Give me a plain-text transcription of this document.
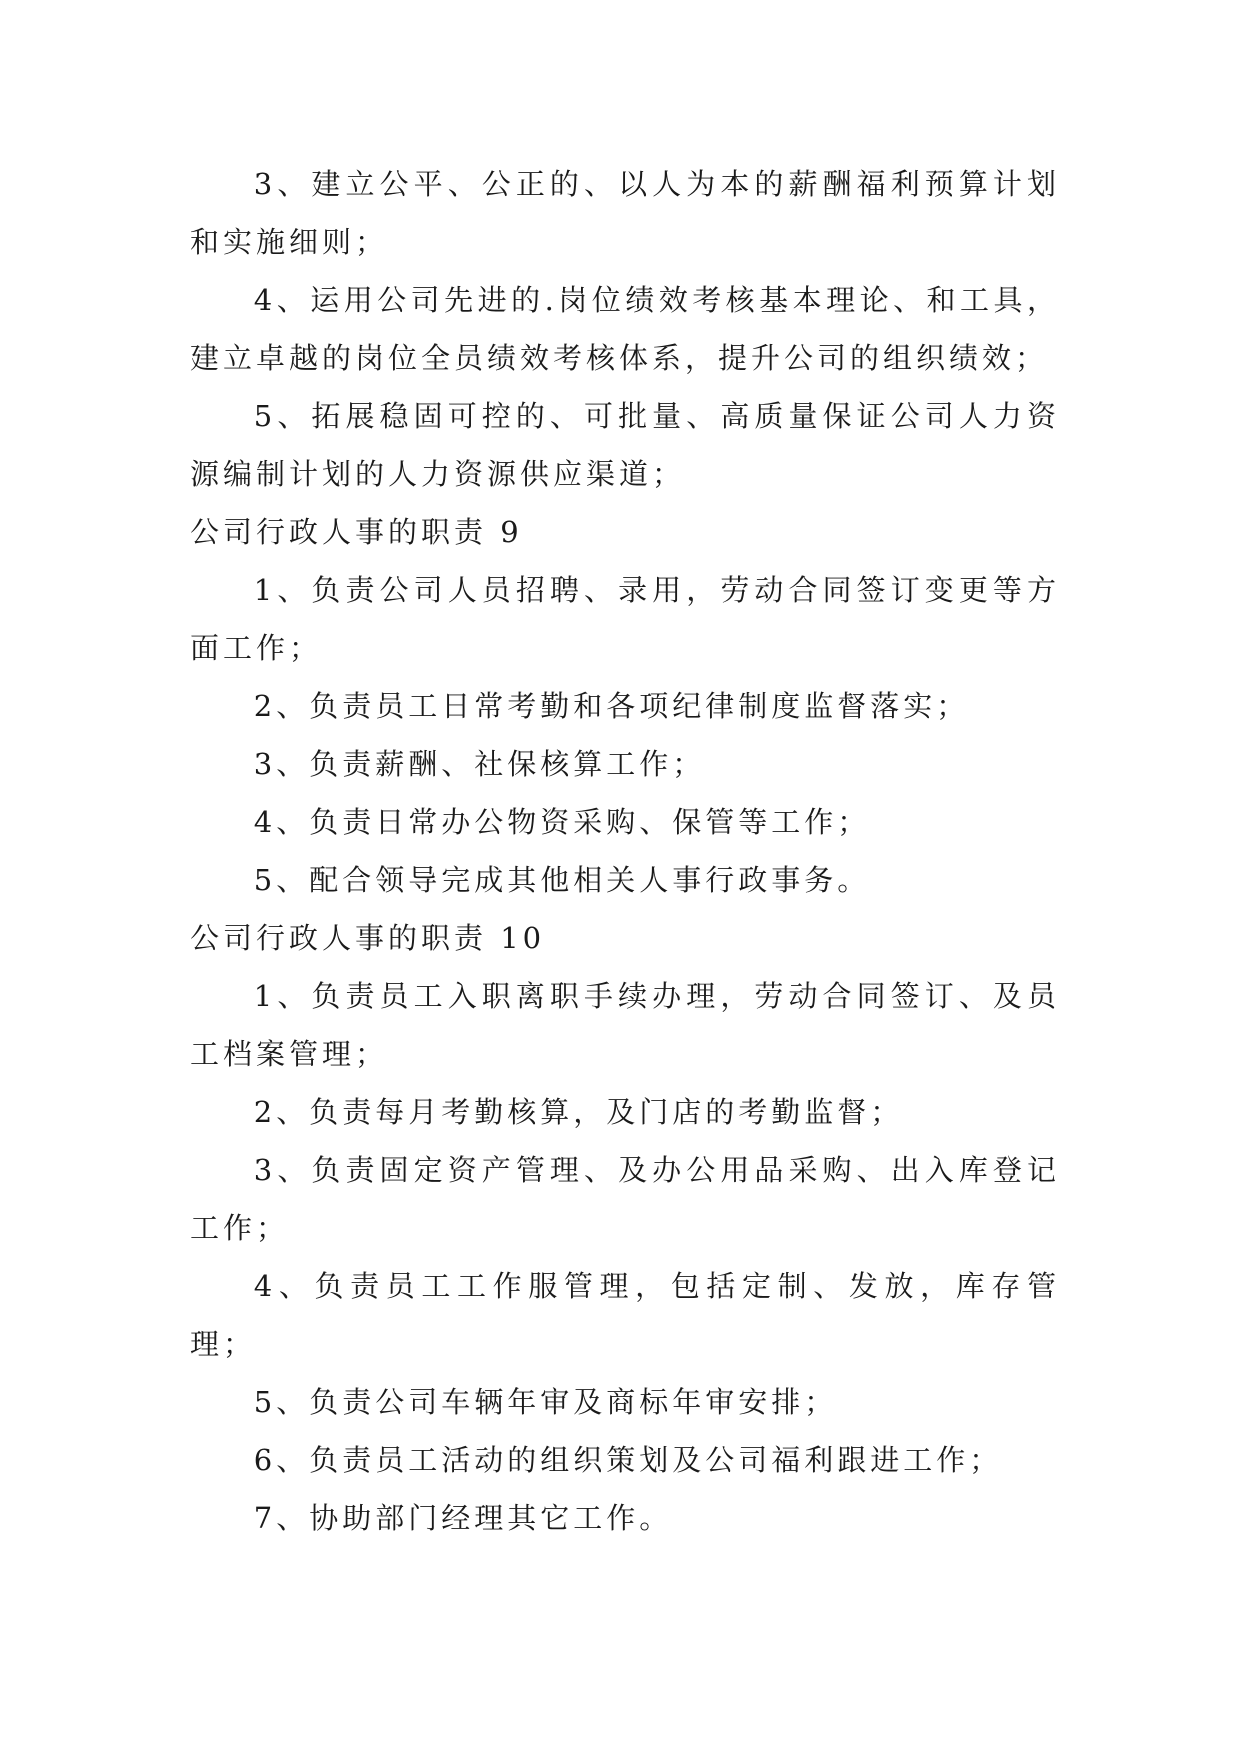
3、建立公平、公正的、以人为本的薪酬福利预算计划和实施细则；

4、运用公司先进的.岗位绩效考核基本理论、和工具，建立卓越的岗位全员绩效考核体系，提升公司的组织绩效；

5、拓展稳固可控的、可批量、高质量保证公司人力资源编制计划的人力资源供应渠道；

公司行政人事的职责 9

1、负责公司人员招聘、录用，劳动合同签订变更等方面工作；

2、负责员工日常考勤和各项纪律制度监督落实；

3、负责薪酬、社保核算工作；

4、负责日常办公物资采购、保管等工作；

5、配合领导完成其他相关人事行政事务。

公司行政人事的职责 10

1、负责员工入职离职手续办理，劳动合同签订、及员工档案管理；

2、负责每月考勤核算，及门店的考勤监督；

3、负责固定资产管理、及办公用品采购、出入库登记工作；

4、负责员工工作服管理，包括定制、发放，库存管理；

5、负责公司车辆年审及商标年审安排；

6、负责员工活动的组织策划及公司福利跟进工作；

7、协助部门经理其它工作。
